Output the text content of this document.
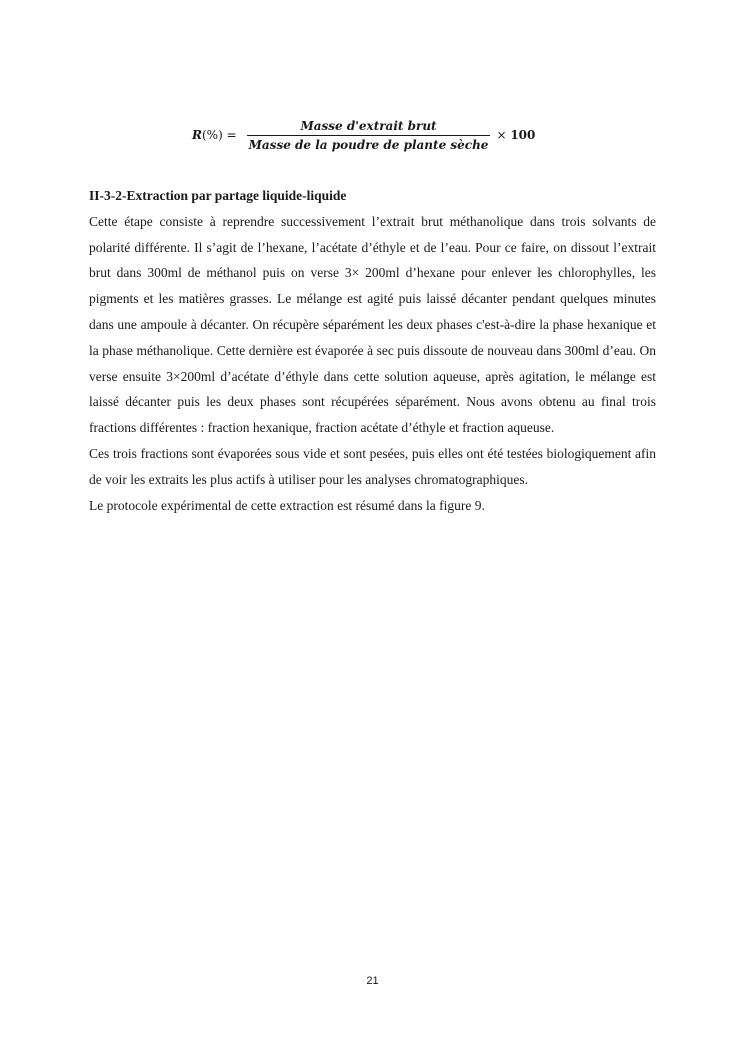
$R(\%) = \frac{\text{Masse d'extrait brut}}{\text{Masse de la poudre de plante sèche}} \times 100$

II-3-2-Extraction par partage liquide-liquide

Cette étape consiste à reprendre successivement l’extrait brut méthanolique dans trois solvants de polarité différente. Il s’agit de l’hexane, l’acétate d’éthyle et de l’eau. Pour ce faire, on dissout l’extrait brut dans 300ml de méthanol puis on verse 3× 200ml d’hexane pour enlever les chlorophylles, les pigments et les matières grasses. Le mélange est agité puis laissé décanter pendant quelques minutes dans une ampoule à décanter. On récupère séparément les deux phases c'est-à-dire la phase hexanique et la phase méthanolique. Cette dernière est évaporée à sec puis dissoute de nouveau dans 300ml d’eau. On verse ensuite 3×200ml d’acétate d’éthyle dans cette solution aqueuse, après agitation, le mélange est laissé décanter puis les deux phases sont récupérées séparément. Nous avons obtenu au final trois fractions différentes : fraction hexanique, fraction acétate d’éthyle et fraction aqueuse.

Ces trois fractions sont évaporées sous vide et sont pesées, puis elles ont été testées biologiquement afin de voir les extraits les plus actifs à utiliser pour les analyses chromatographiques.

Le protocole expérimental de cette extraction est résumé dans la figure 9.

21
